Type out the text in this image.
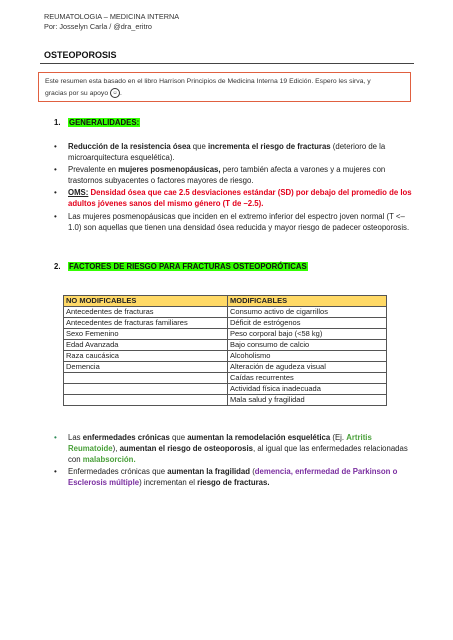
REUMATOLOGIA – MEDICINA INTERNA
Por: Josselyn Carla / @dra_eritro
OSTEOPOROSIS
Este resumen esta basado en el libro Harrison Principios de Medicina Interna 19 Edición. Espero les sirva, y
gracias por su apoyo ☺ .
1. GENERALIDADES:
• Reducción de la resistencia ósea que incrementa el riesgo de fracturas (deterioro de la microarquitectura esquelética).
• Prevalente en mujeres posmenopáusicas, pero también afecta a varones y a mujeres con trastornos subyacentes o factores mayores de riesgo.
• OMS: Densidad ósea que cae 2.5 desviaciones estándar (SD) por debajo del promedio de los adultos jóvenes sanos del mismo género (T de –2.5).
• Las mujeres posmenopáusicas que inciden en el extremo inferior del espectro joven normal (T <–1.0) son aquellas que tienen una densidad ósea reducida y mayor riesgo de padecer osteoporosis.
2. FACTORES DE RIESGO PARA FRACTURAS OSTEOPORÓTICAS
NO MODIFICABLES	MODIFICABLES
Antecedentes de fracturas	Consumo activo de cigarrillos
Antecedentes de fracturas familiares	Déficit de estrógenos
Sexo Femenino	Peso corporal bajo (<58 kg)
Edad Avanzada	Bajo consumo de calcio
Raza caucásica	Alcoholismo
Demencia	Alteración de agudeza visual
	Caídas recurrentes
	Actividad física inadecuada
	Mala salud y fragilidad
• Las enfermedades crónicas que aumentan la remodelación esquelética (Ej. Artritis Reumatoide), aumentan el riesgo de osteoporosis, al igual que las enfermedades relacionadas con malabsorción.
• Enfermedades crónicas que aumentan la fragilidad (demencia, enfermedad de Parkinson o Esclerosis múltiple) incrementan el riesgo de fracturas.
